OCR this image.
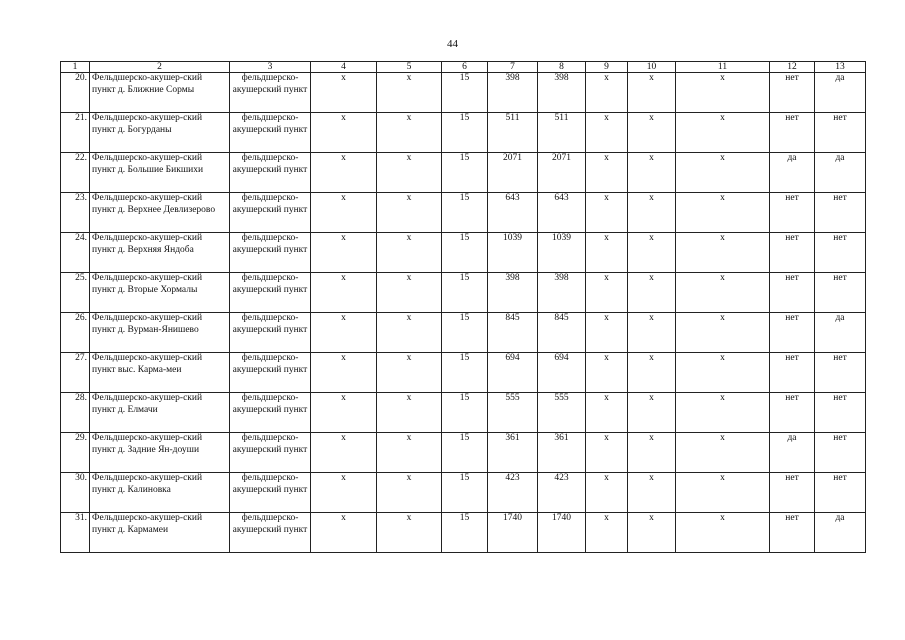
44
1	2	3	4	5	6	7	8	9	10	11	12	13
20.	Фельдшерско-акушер-ский пункт д. Ближние Сормы	фельдшерско-акушерский пункт	x	x	15	398	398	x	x	x	нет	да
21.	Фельдшерско-акушер-ский пункт д. Богурданы	фельдшерско-акушерский пункт	x	x	15	511	511	x	x	x	нет	нет
22.	Фельдшерско-акушер-ский пункт д. Большие Бикшихи	фельдшерско-акушерский пункт	x	x	15	2071	2071	x	x	x	да	да
23.	Фельдшерско-акушер-ский пункт д. Верхнее Девлизерово	фельдшерско-акушерский пункт	x	x	15	643	643	x	x	x	нет	нет
24.	Фельдшерско-акушер-ский пункт д. Верхняя Яндоба	фельдшерско-акушерский пункт	x	x	15	1039	1039	x	x	x	нет	нет
25.	Фельдшерско-акушер-ский пункт д. Вторые Хормалы	фельдшерско-акушерский пункт	x	x	15	398	398	x	x	x	нет	нет
26.	Фельдшерско-акушер-ский пункт д. Вурман-Янишево	фельдшерско-акушерский пункт	x	x	15	845	845	x	x	x	нет	да
27.	Фельдшерско-акушер-ский пункт выс. Карма-меи	фельдшерско-акушерский пункт	x	x	15	694	694	x	x	x	нет	нет
28.	Фельдшерско-акушер-ский пункт д. Елмачи	фельдшерско-акушерский пункт	x	x	15	555	555	x	x	x	нет	нет
29.	Фельдшерско-акушер-ский пункт д. Задние Ян-доуши	фельдшерско-акушерский пункт	x	x	15	361	361	x	x	x	да	нет
30.	Фельдшерско-акушер-ский пункт д. Калиновка	фельдшерско-акушерский пункт	x	x	15	423	423	x	x	x	нет	нет
31.	Фельдшерско-акушер-ский пункт д. Кармамеи	фельдшерско-акушерский пункт	x	x	15	1740	1740	x	x	x	нет	да
